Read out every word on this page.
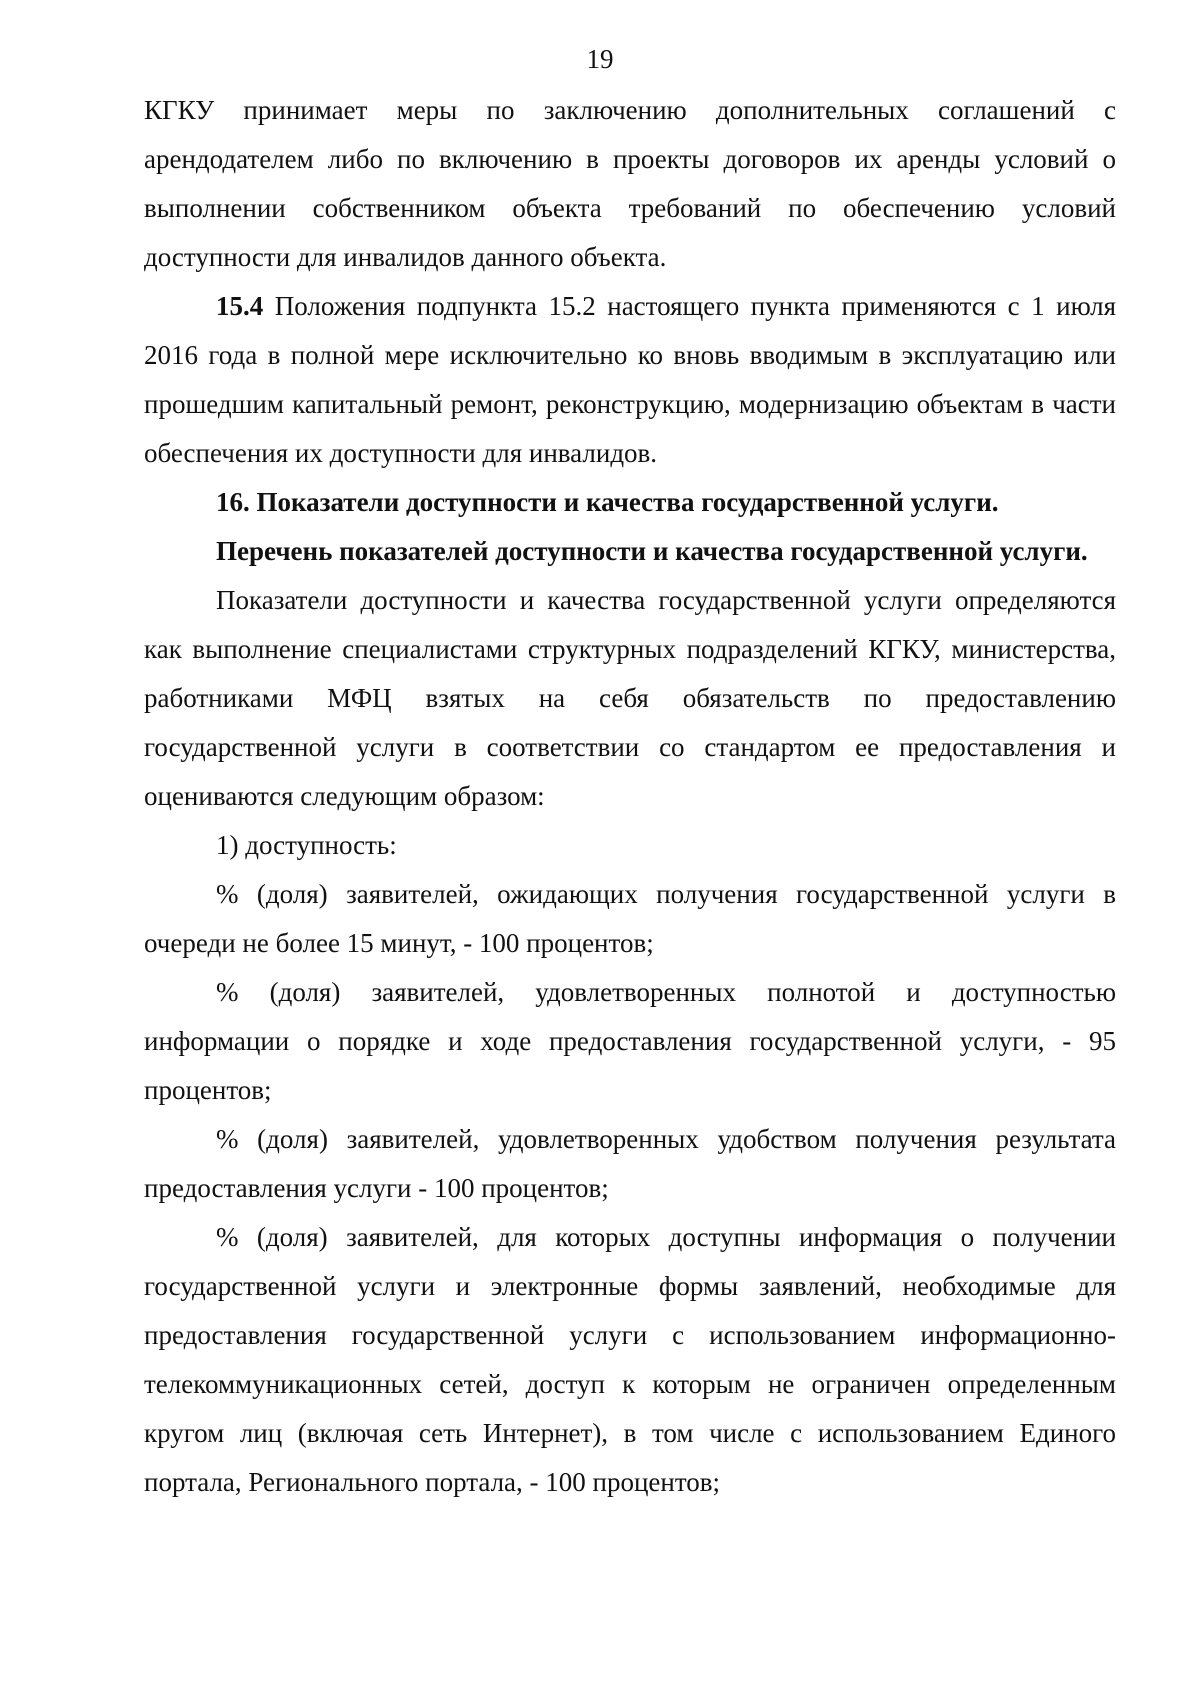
19

КГКУ принимает меры по заключению дополнительных соглашений с арендодателем либо по включению в проекты договоров их аренды условий о выполнении собственником объекта требований по обеспечению условий доступности для инвалидов данного объекта.

15.4 Положения подпункта 15.2 настоящего пункта применяются с 1 июля 2016 года в полной мере исключительно ко вновь вводимым в эксплуатацию или прошедшим капитальный ремонт, реконструкцию, модернизацию объектам в части обеспечения их доступности для инвалидов.

16. Показатели доступности и качества государственной услуги.

Перечень показателей доступности и качества государственной услуги.

Показатели доступности и качества государственной услуги определяются как выполнение специалистами структурных подразделений КГКУ, министерства, работниками МФЦ взятых на себя обязательств по предоставлению государственной услуги в соответствии со стандартом ее предоставления и оцениваются следующим образом:

1) доступность:

% (доля) заявителей, ожидающих получения государственной услуги в очереди не более 15 минут, - 100 процентов;

% (доля) заявителей, удовлетворенных полнотой и доступностью информации о порядке и ходе предоставления государственной услуги, - 95 процентов;

% (доля) заявителей, удовлетворенных удобством получения результата предоставления услуги - 100 процентов;

% (доля) заявителей, для которых доступны информация о получении государственной услуги и электронные формы заявлений, необходимые для предоставления государственной услуги с использованием информационно-телекоммуникационных сетей, доступ к которым не ограничен определенным кругом лиц (включая сеть Интернет), в том числе с использованием Единого портала, Регионального портала, - 100 процентов;
